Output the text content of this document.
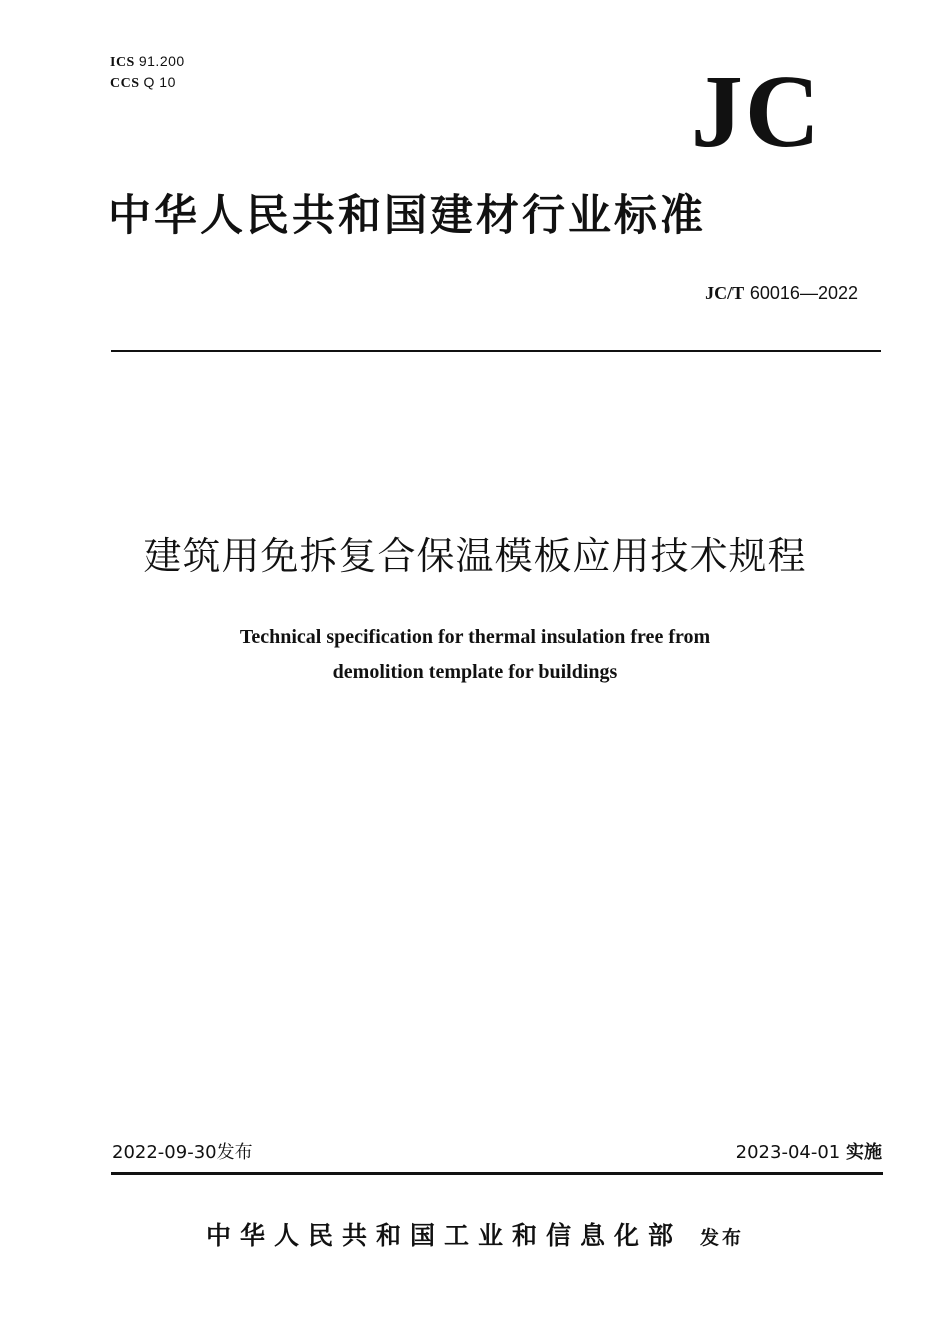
ICS 91.200
CCS Q 10	JC
中华人民共和国建材行业标准
JC/T 60016—2022
建筑用免拆复合保温模板应用技术规程
Technical specification for thermal insulation free from
demolition template for buildings
2022-09-30发布	2023-04-01 实施
中华人民共和国工业和信息化部 发布
